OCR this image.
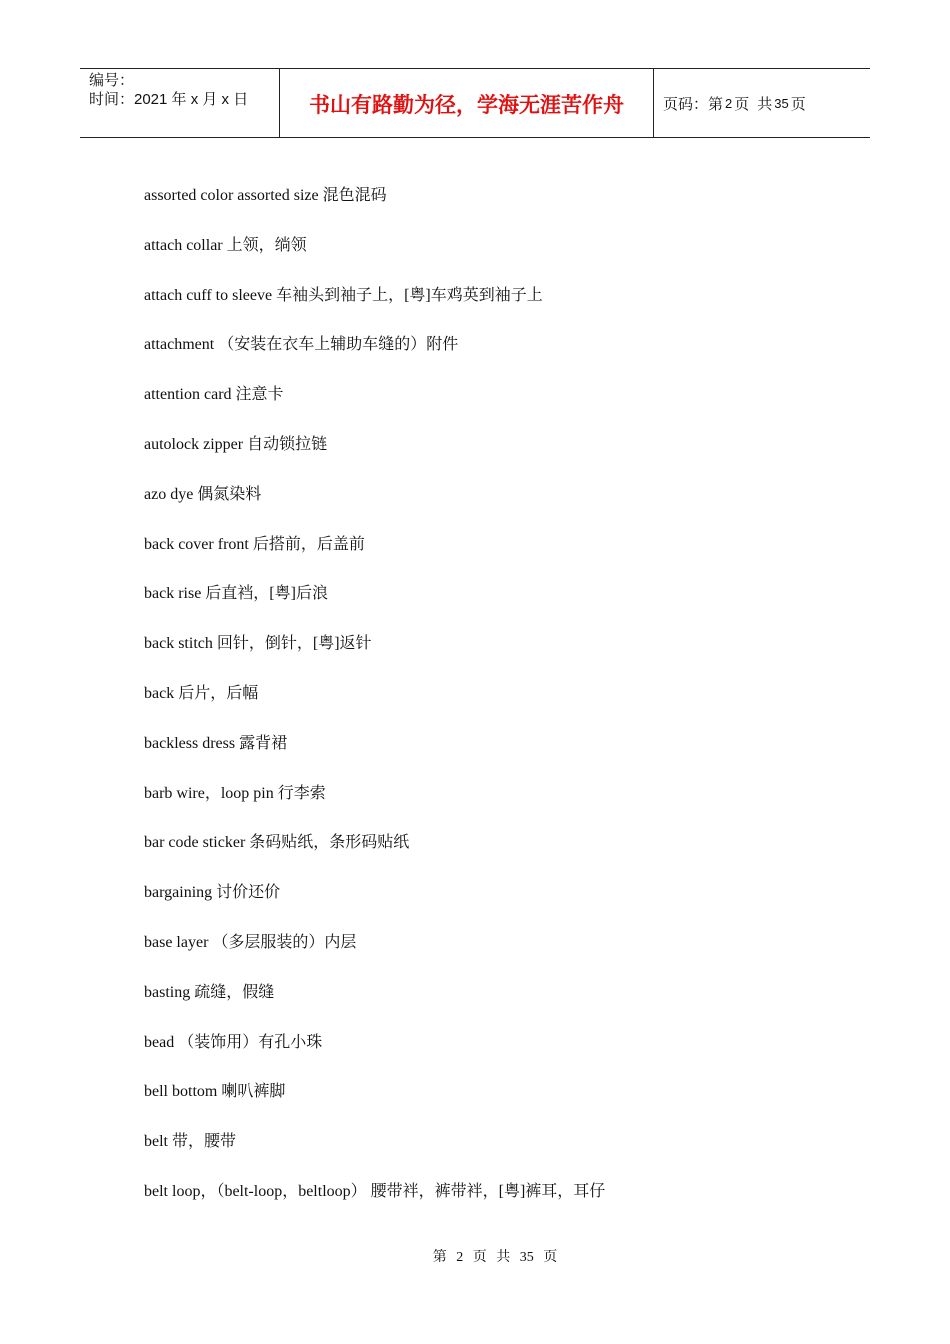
编号：
时间：2021 年 x 月 x 日	书山有路勤为径，学海无涯苦作舟	页码：第 2 页 共 35 页
assorted color assorted size 混色混码
attach collar 上领，绱领
attach cuff to sleeve 车袖头到袖子上，[粤]车鸡英到袖子上
attachment （安装在衣车上辅助车缝的）附件
attention card 注意卡
autolock zipper 自动锁拉链
azo dye 偶氮染料
back cover front 后搭前，后盖前
back rise 后直裆，[粤]后浪
back stitch 回针，倒针，[粤]返针
back 后片，后幅
backless dress 露背裙
barb wire，loop pin 行李索
bar code sticker 条码贴纸，条形码贴纸
bargaining 讨价还价
base layer （多层服装的）内层
basting 疏缝，假缝
bead （装饰用）有孔小珠
bell bottom 喇叭裤脚
belt 带，腰带
belt loop，（belt-loop，beltloop） 腰带袢，裤带袢，[粤]裤耳，耳仔
第 2 页 共 35 页
